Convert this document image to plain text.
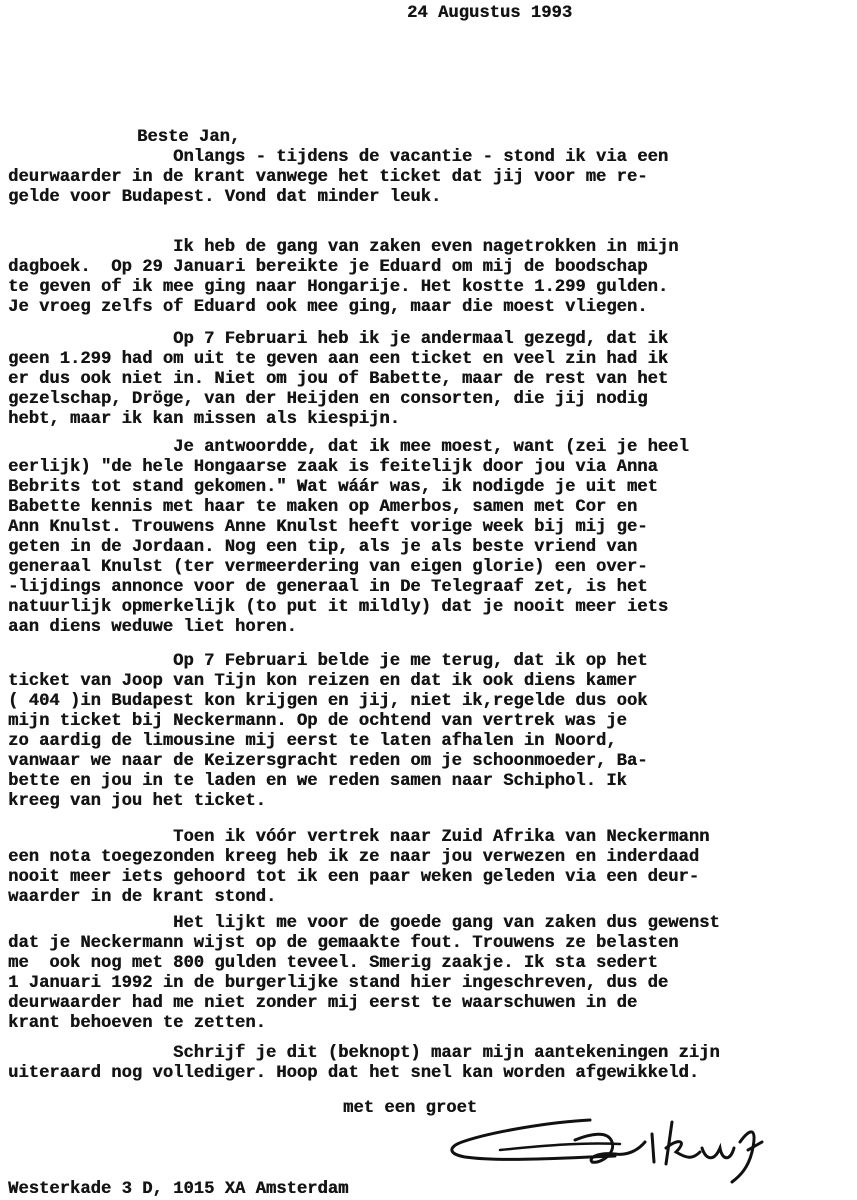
24 Augustus 1993

Beste Jan,

Onlangs - tijdens de vacantie - stond ik via een

deurwaarder in de krant vanwege het ticket dat jij voor me re-

gelde voor Budapest. Vond dat minder leuk.

Ik heb de gang van zaken even nagetrokken in mijn

dagboek.  Op 29 Januari bereikte je Eduard om mij de boodschap

te geven of ik mee ging naar Hongarije. Het kostte 1.299 gulden.

Je vroeg zelfs of Eduard ook mee ging, maar die moest vliegen.

Op 7 Februari heb ik je andermaal gezegd, dat ik

geen 1.299 had om uit te geven aan een ticket en veel zin had ik

er dus ook niet in. Niet om jou of Babette, maar de rest van het

gezelschap, Dröge, van der Heijden en consorten, die jij nodig

hebt, maar ik kan missen als kiespijn.

Je antwoordde, dat ik mee moest, want (zei je heel

eerlijk) "de hele Hongaarse zaak is feitelijk door jou via Anna

Bebrits tot stand gekomen." Wat wáár was, ik nodigde je uit met

Babette kennis met haar te maken op Amerbos, samen met Cor en

Ann Knulst. Trouwens Anne Knulst heeft vorige week bij mij ge-

geten in de Jordaan. Nog een tip, als je als beste vriend van

generaal Knulst (ter vermeerdering van eigen glorie) een over-

-lijdings annonce voor de generaal in De Telegraaf zet, is het

natuurlijk opmerkelijk (to put it mildly) dat je nooit meer iets

aan diens weduwe liet horen.

Op 7 Februari belde je me terug, dat ik op het

ticket van Joop van Tijn kon reizen en dat ik ook diens kamer

( 404 )in Budapest kon krijgen en jij, niet ik,regelde dus ook

mijn ticket bij Neckermann. Op de ochtend van vertrek was je

zo aardig de limousine mij eerst te laten afhalen in Noord,

vanwaar we naar de Keizersgracht reden om je schoonmoeder, Ba-

bette en jou in te laden en we reden samen naar Schiphol. Ik

kreeg van jou het ticket.

Toen ik vóór vertrek naar Zuid Afrika van Neckermann

een nota toegezonden kreeg heb ik ze naar jou verwezen en inderdaad

nooit meer iets gehoord tot ik een paar weken geleden via een deur-

waarder in de krant stond.

Het lijkt me voor de goede gang van zaken dus gewenst

dat je Neckermann wijst op de gemaakte fout. Trouwens ze belasten

me  ook nog met 800 gulden teveel. Smerig zaakje. Ik sta sedert

1 Januari 1992 in de burgerlijke stand hier ingeschreven, dus de

deurwaarder had me niet zonder mij eerst te waarschuwen in de

krant behoeven te zetten.

Schrijf je dit (beknopt) maar mijn aantekeningen zijn

uiteraard nog vollediger. Hoop dat het snel kan worden afgewikkeld.

met een groet

Westerkade 3 D, 1015 XA Amsterdam
